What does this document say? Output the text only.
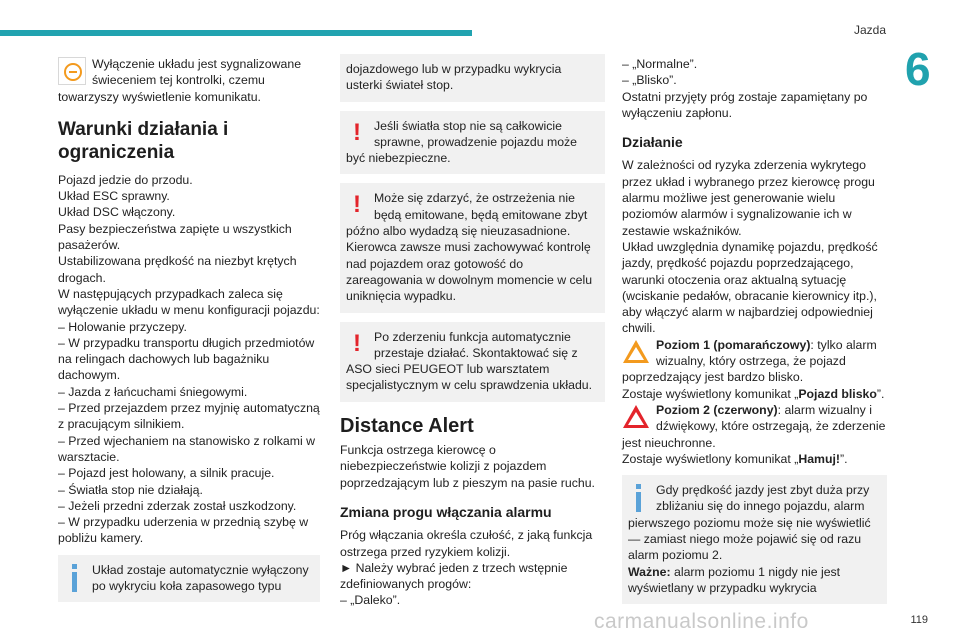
Jazda
6

Wyłączenie układu jest sygnalizowane

świeceniem tej kontrolki, czemu

towarzyszy wyświetlenie komunikatu.

Warunki działania i ograniczenia

Pojazd jedzie do przodu.

Układ ESC sprawny.

Układ DSC włączony.

Pasy bezpieczeństwa zapięte u wszystkich pasażerów.

Ustabilizowana prędkość na niezbyt krętych drogach.

W następujących przypadkach zaleca się wyłączenie układu w menu konfiguracji pojazdu:

– Holowanie przyczepy.

– W przypadku transportu długich przedmiotów na relingach dachowych lub bagażniku dachowym.

– Jazda z łańcuchami śniegowymi.

– Przed przejazdem przez myjnię automatyczną z pracującym silnikiem.

– Przed wjechaniem na stanowisko z rolkami w warsztacie.

– Pojazd jest holowany, a silnik pracuje.

– Światła stop nie działają.

– Jeżeli przedni zderzak został uszkodzony.

– W przypadku uderzenia w przednią szybę w pobliżu kamery.

Układ zostaje automatycznie wyłączony po wykryciu koła zapasowego typu

dojazdowego lub w przypadku wykrycia usterki świateł stop.

!	Jeśli światła stop nie są całkowicie sprawne, prowadzenie pojazdu może być niebezpieczne.

!	Może się zdarzyć, że ostrzeżenia nie będą emitowane, będą emitowane zbyt późno albo wydadzą się nieuzasadnione. Kierowca zawsze musi zachowywać kontrolę nad pojazdem oraz gotowość do zareagowania w dowolnym momencie w celu uniknięcia wypadku.

!	Po zderzeniu funkcja automatycznie przestaje działać. Skontaktować się z ASO sieci PEUGEOT lub warsztatem specjalistycznym w celu sprawdzenia układu.

Distance Alert

Funkcja ostrzega kierowcę o niebezpieczeństwie kolizji z pojazdem poprzedzającym lub z pieszym na pasie ruchu.

Zmiana progu włączania alarmu

Próg włączania określa czułość, z jaką funkcja ostrzega przed ryzykiem kolizji.

► Należy wybrać jeden z trzech wstępnie zdefiniowanych progów:

– „Daleko”.

– „Normalne”.

– „Blisko”.

Ostatni przyjęty próg zostaje zapamiętany po wyłączeniu zapłonu.

Działanie

W zależności od ryzyka zderzenia wykrytego przez układ i wybranego przez kierowcę progu alarmu możliwe jest generowanie wielu poziomów alarmów i sygnalizowanie ich w zestawie wskaźników.

Układ uwzględnia dynamikę pojazdu, prędkość jazdy, prędkość pojazdu poprzedzającego, warunki otoczenia oraz aktualną sytuację (wciskanie pedałów, obracanie kierownicy itp.), aby włączyć alarm w najbardziej odpowiedniej chwili.

Poziom 1 (pomarańczowy): tylko alarm wizualny, który ostrzega, że pojazd poprzedzający jest bardzo blisko.

Zostaje wyświetlony komunikat „Pojazd blisko”.

Poziom 2 (czerwony): alarm wizualny i dźwiękowy, które ostrzegają, że zderzenie jest nieuchronne.

Zostaje wyświetlony komunikat „Hamuj!”.

Gdy prędkość jazdy jest zbyt duża przy zbliżaniu się do innego pojazdu, alarm pierwszego poziomu może się nie wyświetlić — zamiast niego może pojawić się od razu alarm poziomu 2.

Ważne: alarm poziomu 1 nigdy nie jest wyświetlany w przypadku wykrycia

119
carmanualsonline.info
